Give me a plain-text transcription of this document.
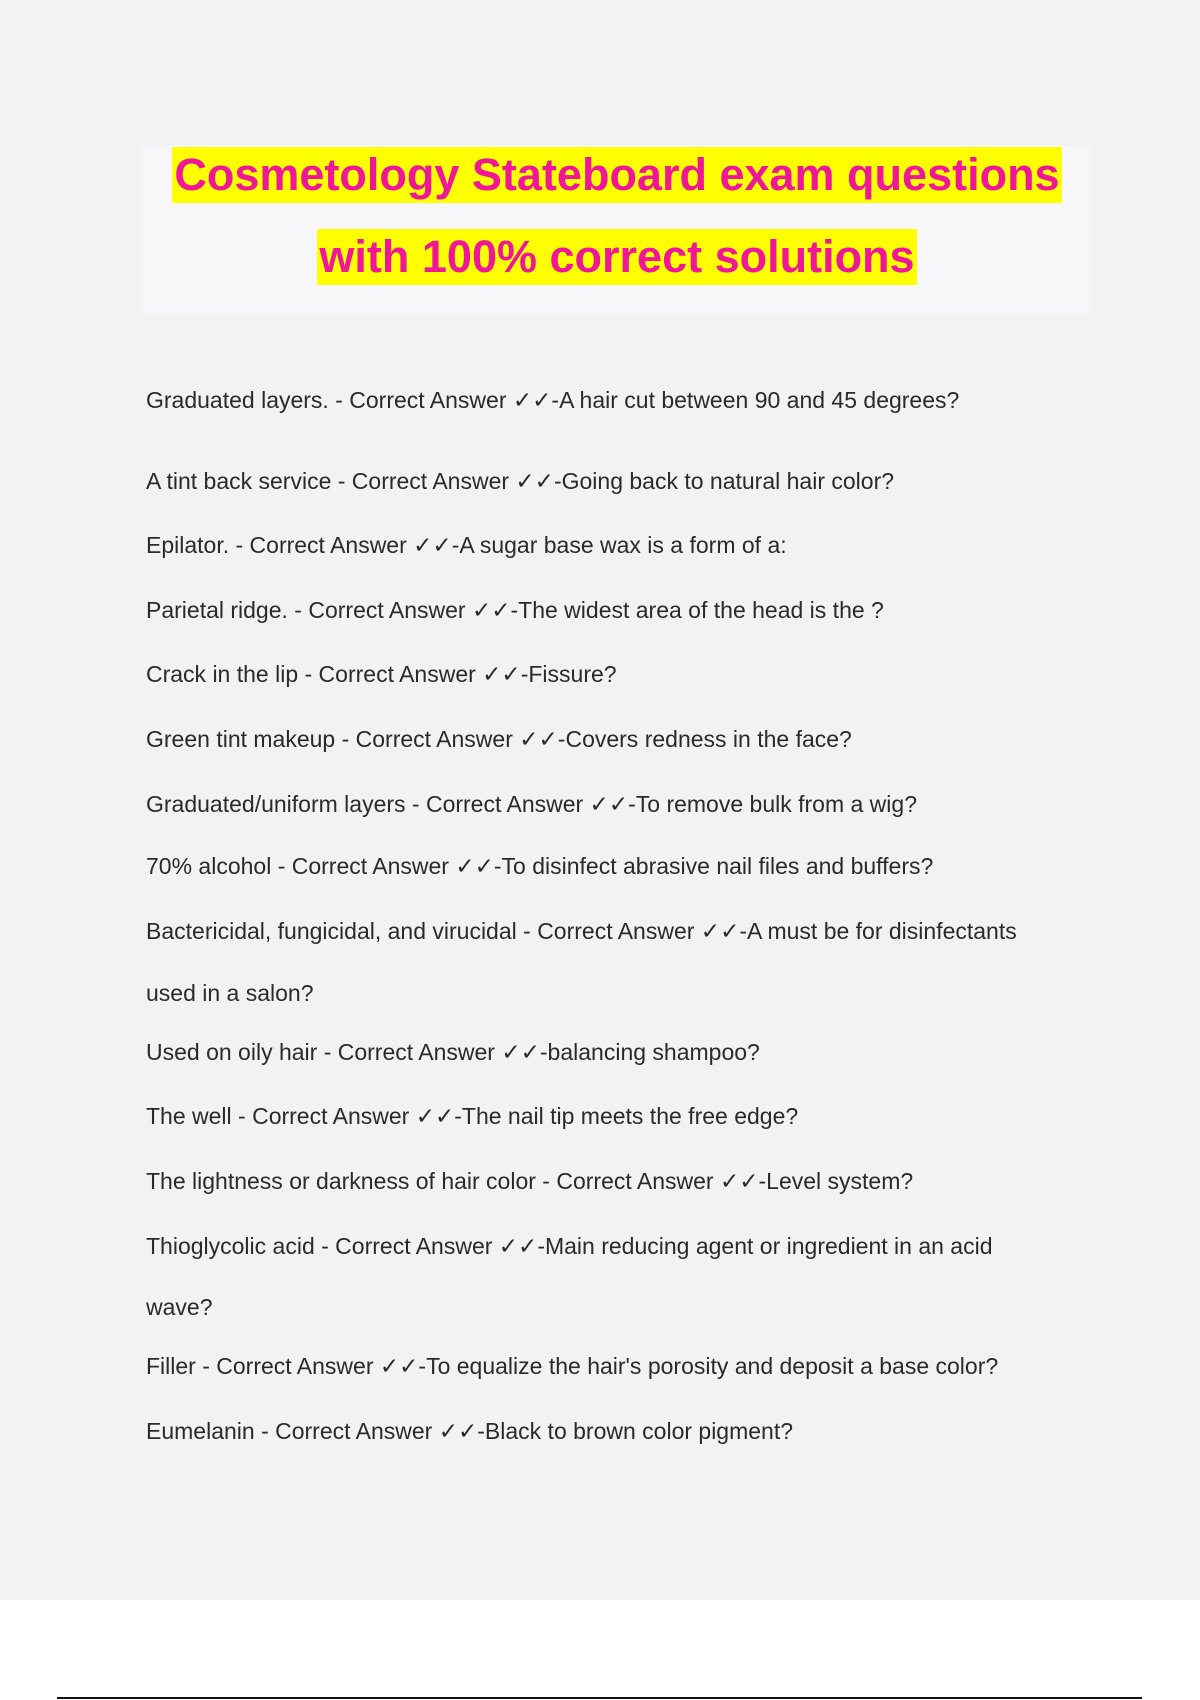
Cosmetology Stateboard exam questions
with 100% correct solutions
Graduated layers. - Correct Answer ✓✓-A hair cut between 90 and 45 degrees?
A tint back service - Correct Answer ✓✓-Going back to natural hair color?
Epilator. - Correct Answer ✓✓-A sugar base wax is a form of a:
Parietal ridge. - Correct Answer ✓✓-The widest area of the head is the ?
Crack in the lip - Correct Answer ✓✓-Fissure?
Green tint makeup - Correct Answer ✓✓-Covers redness in the face?
Graduated/uniform layers - Correct Answer ✓✓-To remove bulk from a wig?
70% alcohol - Correct Answer ✓✓-To disinfect abrasive nail files and buffers?
Bactericidal, fungicidal, and virucidal - Correct Answer ✓✓-A must be for disinfectants
used in a salon?
Used on oily hair - Correct Answer ✓✓-balancing shampoo?
The well - Correct Answer ✓✓-The nail tip meets the free edge?
The lightness or darkness of hair color - Correct Answer ✓✓-Level system?
Thioglycolic acid - Correct Answer ✓✓-Main reducing agent or ingredient in an acid
wave?
Filler - Correct Answer ✓✓-To equalize the hair's porosity and deposit a base color?
Eumelanin - Correct Answer ✓✓-Black to brown color pigment?
